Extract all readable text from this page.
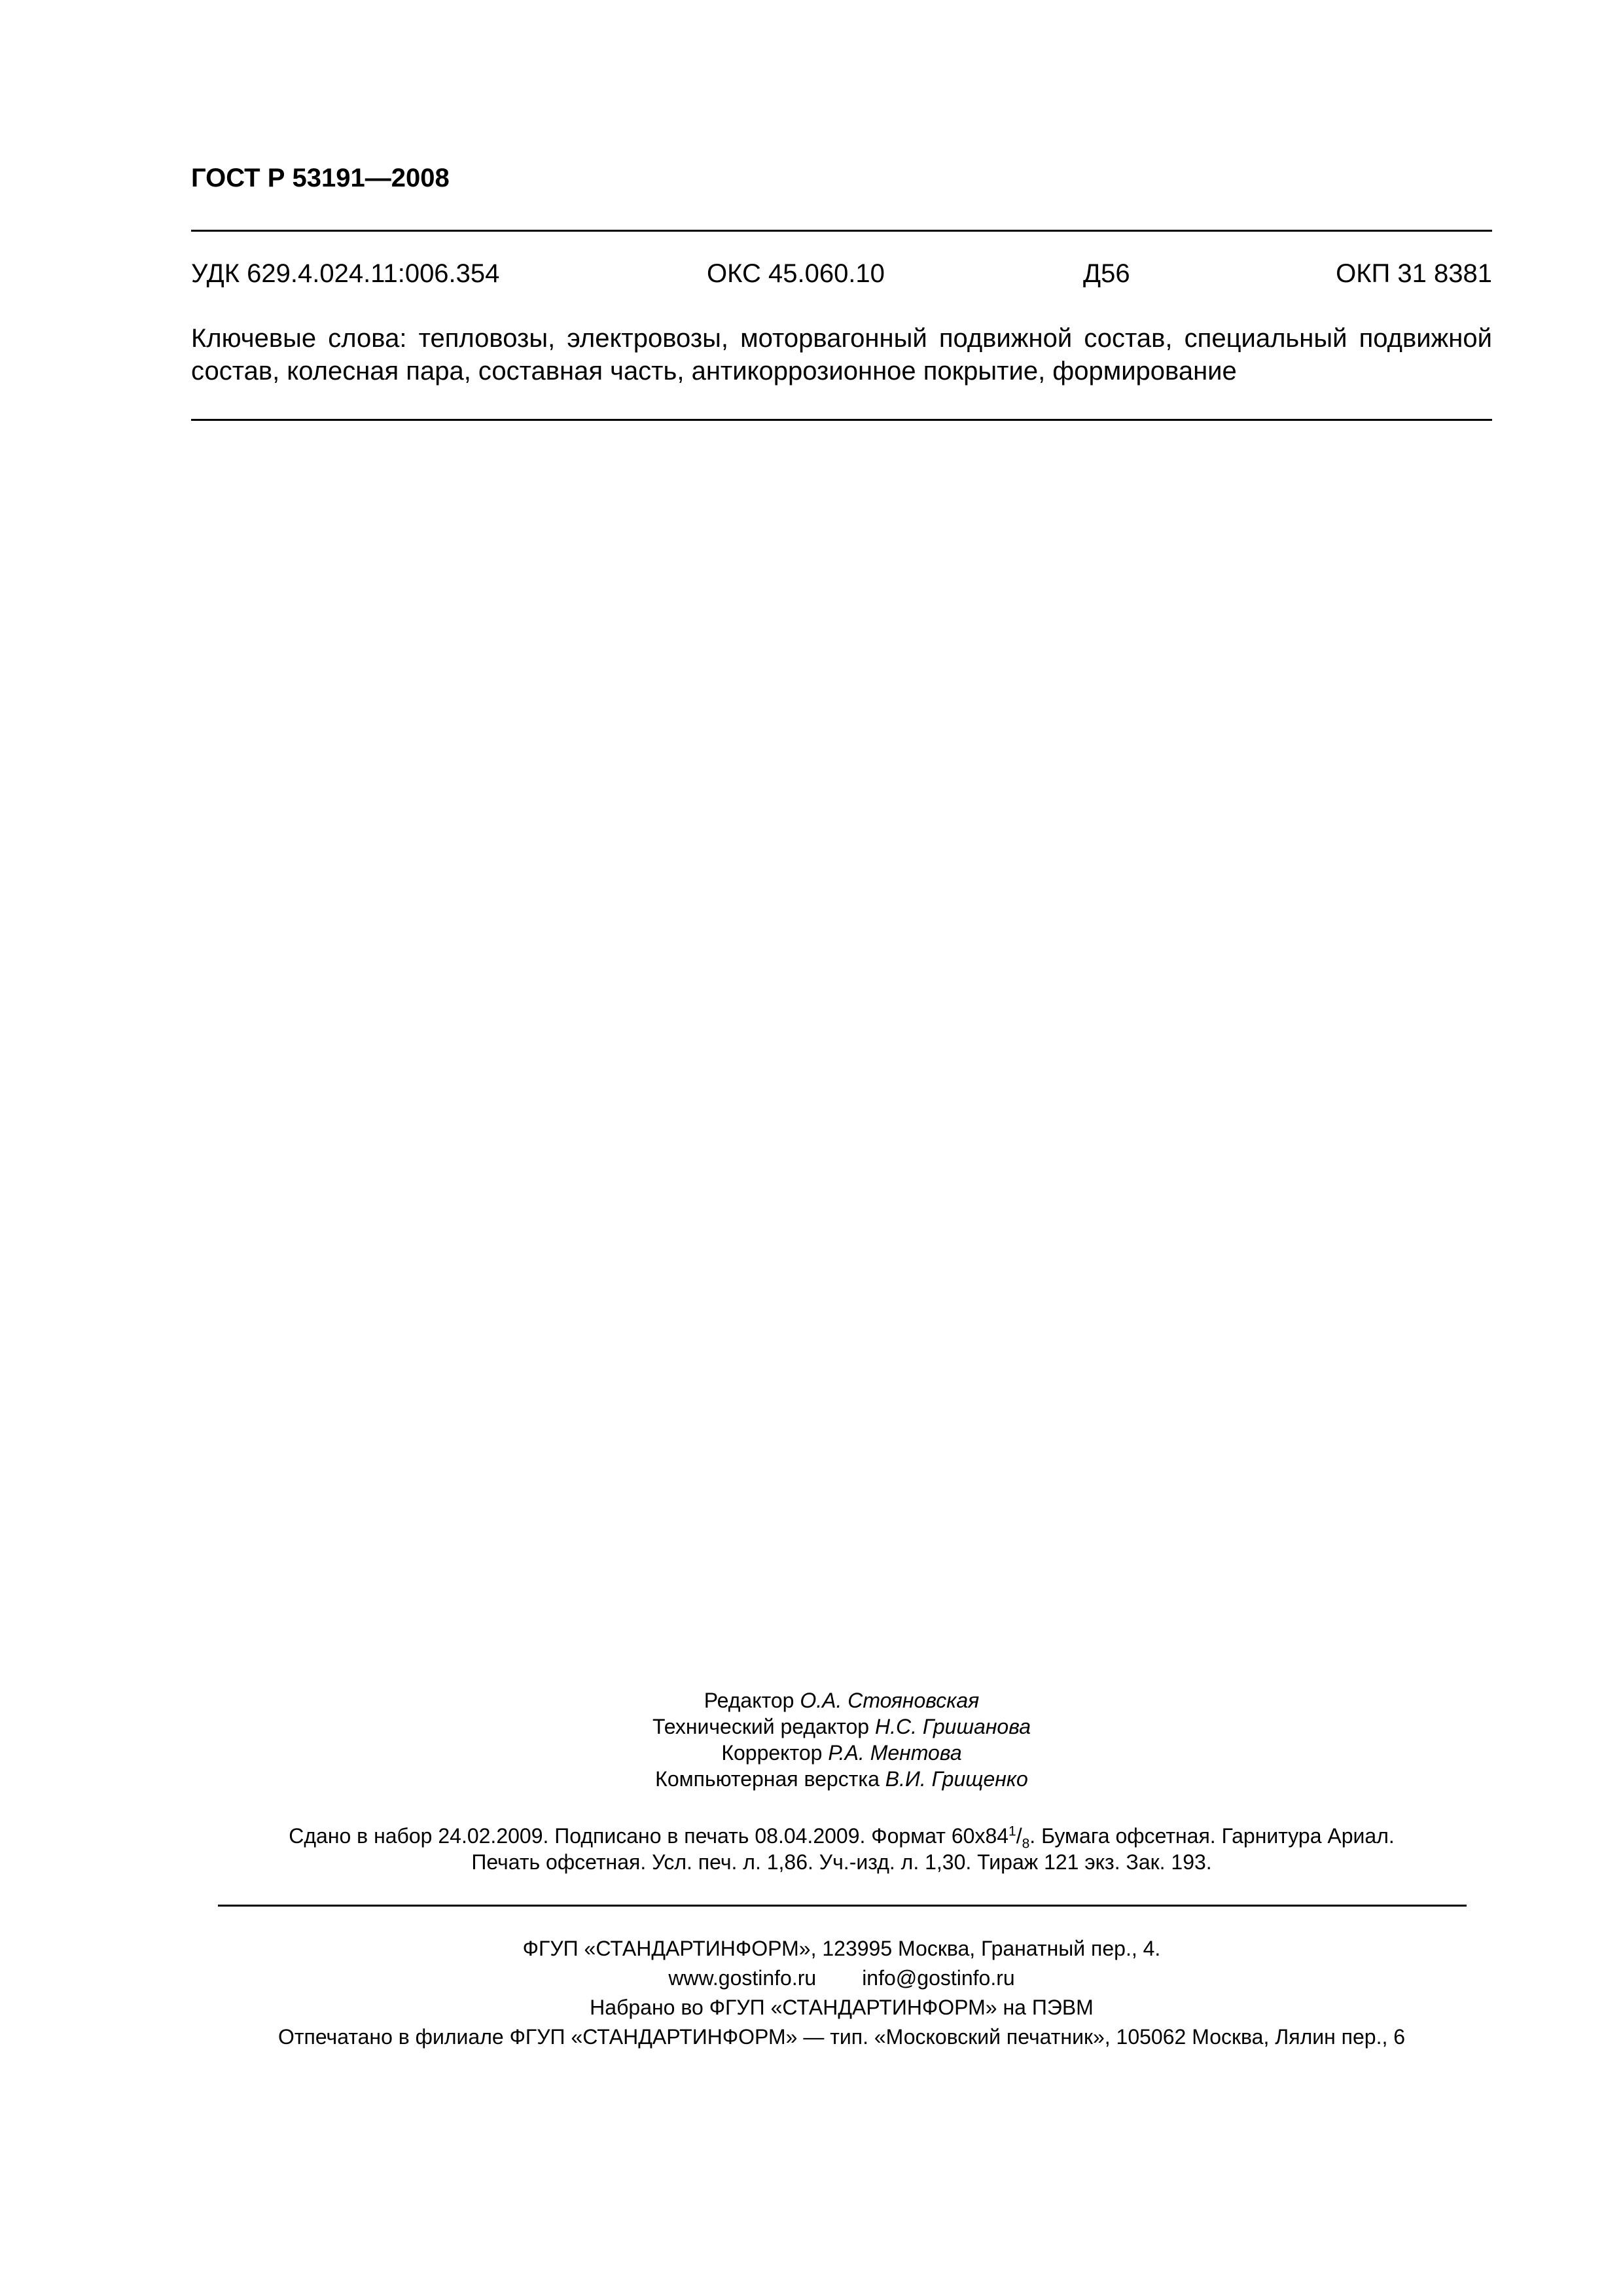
ГОСТ Р 53191—2008
УДК 629.4.024.11:006.354	ОКС 45.060.10	Д56	ОКП 31 8381
Ключевые слова: тепловозы, электровозы, моторвагонный подвижной состав, специальный подвижной состав, колесная пара, составная часть, антикоррозионное покрытие, формирование
Редактор О.А. Стояновская
Технический редактор Н.С. Гришанова
Корректор Р.А. Ментова
Компьютерная верстка В.И. Грищенко
Сдано в набор 24.02.2009. Подписано в печать 08.04.2009. Формат $60x84^1/_8$. Бумага офсетная. Гарнитура Ариал.
Печать офсетная. Усл. печ. л. 1,86. Уч.-изд. л. 1,30. Тираж 121 экз. Зак. 193.
ФГУП «СТАНДАРТИНФОРМ», 123995 Москва, Гранатный пер., 4.
www.gostinfo.ru info@gostinfo.ru
Набрано во ФГУП «СТАНДАРТИНФОРМ» на ПЭВМ
Отпечатано в филиале ФГУП «СТАНДАРТИНФОРМ» — тип. «Московский печатник», 105062 Москва, Лялин пер., 6
